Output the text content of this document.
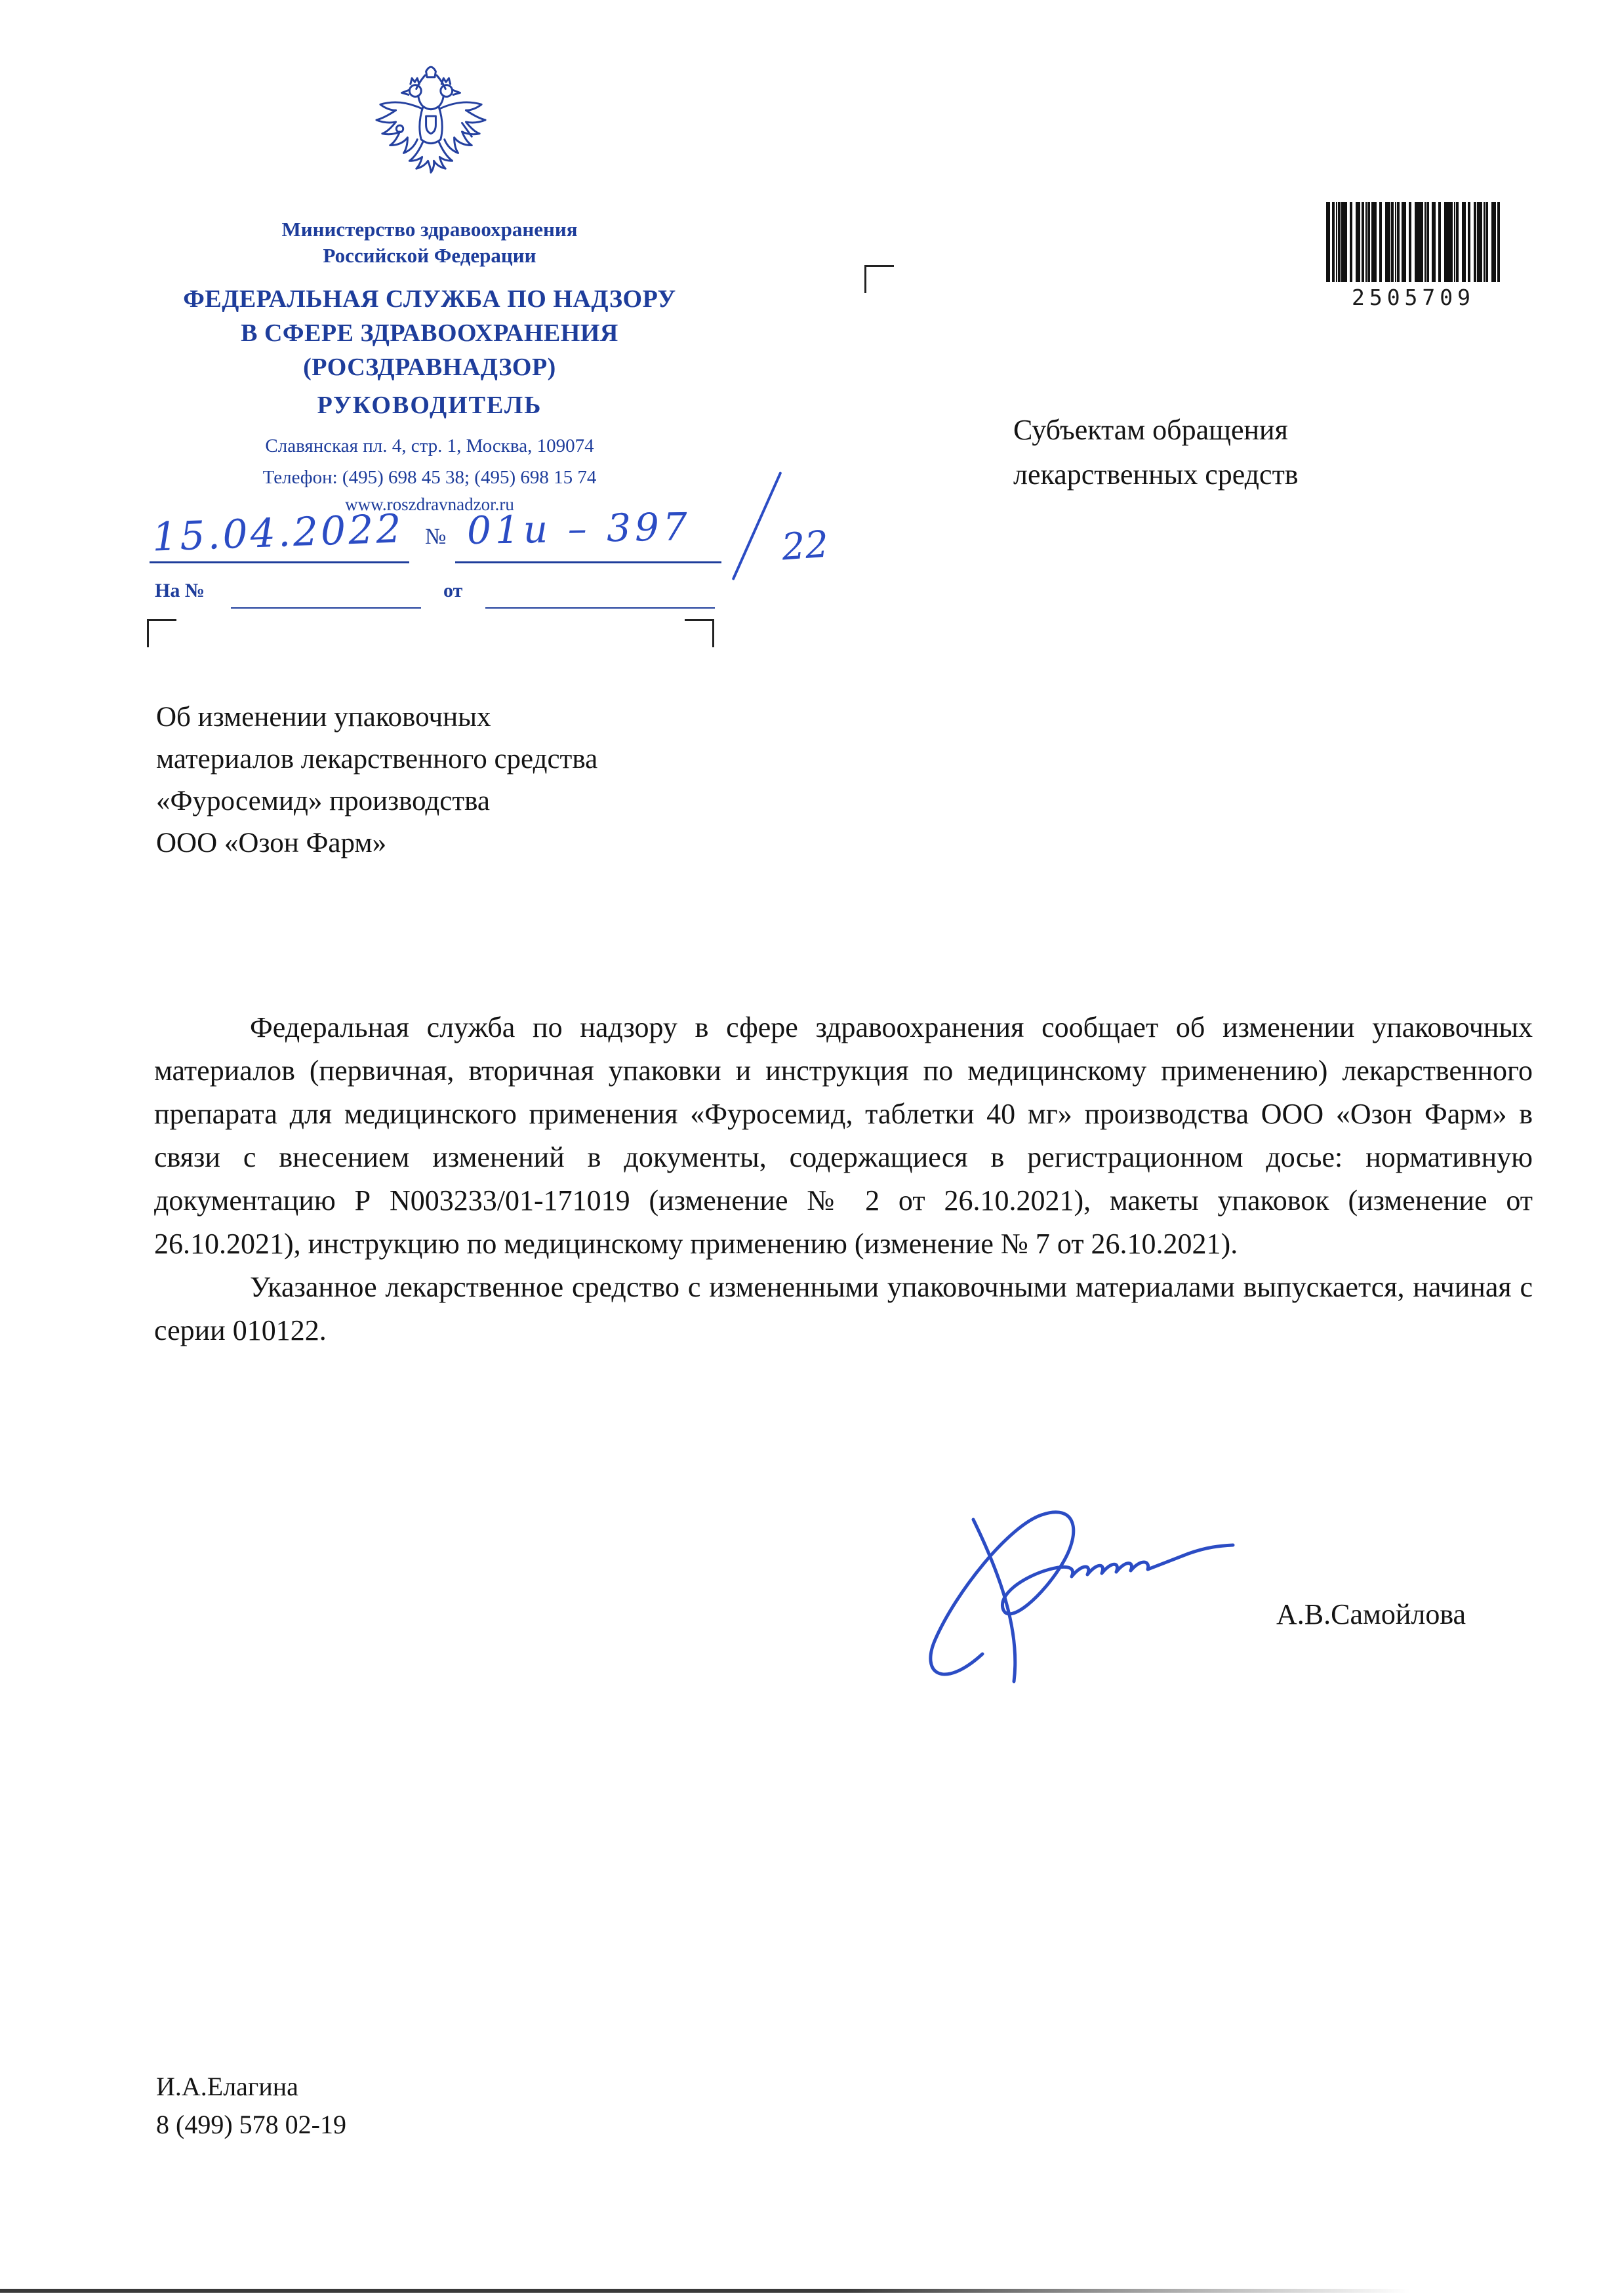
Министерство здравоохранения
Российской Федерации
ФЕДЕРАЛЬНАЯ СЛУЖБА ПО НАДЗОРУ
В СФЕРЕ ЗДРАВООХРАНЕНИЯ
(РОСЗДРАВНАДЗОР)
РУКОВОДИТЕЛЬ
Славянская пл. 4, стр. 1, Москва, 109074
Телефон: (495) 698 45 38; (495) 698 15 74
www.roszdravnadzor.ru
15.04.2022 № 01и – 397 22
На №	от
2505709
Субъектам обращения
лекарственных средств
Об изменении упаковочных
материалов лекарственного средства
«Фуросемид» производства
ООО «Озон Фарм»

Федеральная служба по надзору в сфере здравоохранения сообщает об изменении упаковочных материалов (первичная, вторичная упаковки и инструкция по медицинскому применению) лекарственного препарата для медицинского применения «Фуросемид, таблетки 40 мг» производства ООО «Озон Фарм» в связи с внесением изменений в документы, содержащиеся в регистрационном досье: нормативную документацию Р N003233/01-171019 (изменение № 2 от 26.10.2021), макеты упаковок (изменение от 26.10.2021), инструкцию по медицинскому применению (изменение № 7 от 26.10.2021).

Указанное лекарственное средство с измененными упаковочными материалами выпускается, начиная с серии 010122.

А.В.Самойлова
И.А.Елагина
8 (499) 578 02-19
